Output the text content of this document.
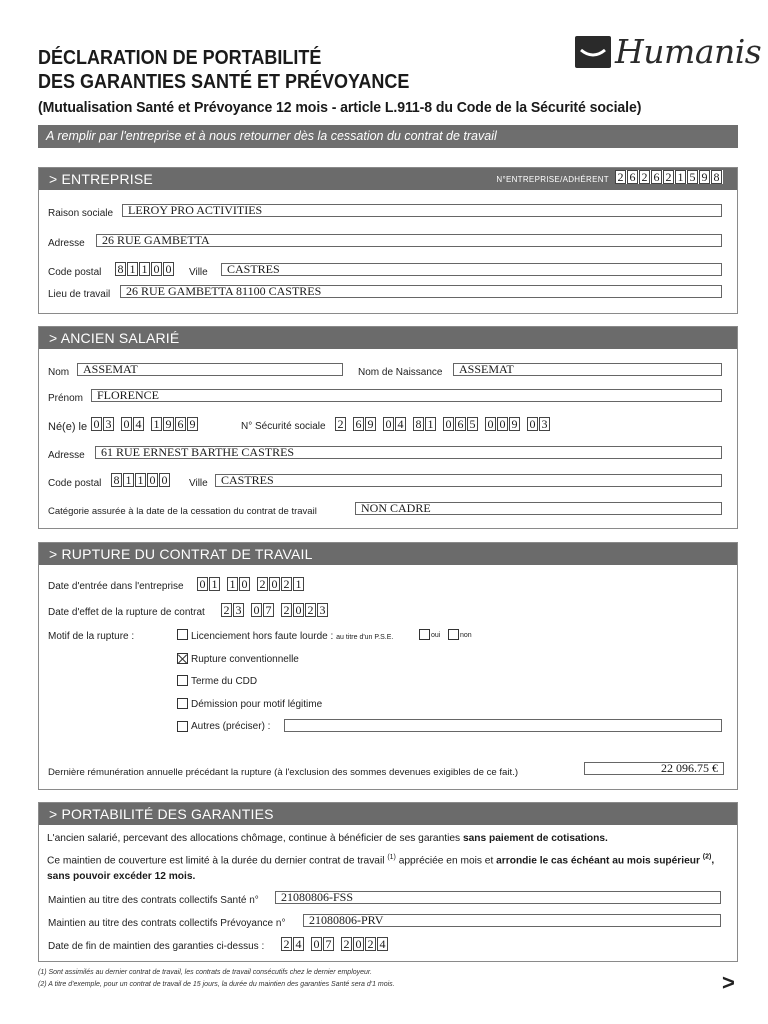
DÉCLARATION DE PORTABILITÉ
DES GARANTIES SANTÉ ET PRÉVOYANCE
(Mutualisation Santé et Prévoyance 12 mois - article L.911-8 du Code de la Sécurité sociale)
Humanis
A remplir par l'entreprise et à nous retourner dès la cessation du contrat de travail
> ENTREPRISE	N°ENTREPRISE/ADHÉRENT 2 6 2 6 2 1 5 9 8
Raison sociale	LEROY PRO ACTIVITIES
Adresse	26 RUE GAMBETTA
Code postal 8 1 1 0 0 Ville	CASTRES
Lieu de travail	26 RUE GAMBETTA 81100 CASTRES
> ANCIEN SALARIÉ
Nom	ASSEMAT	Nom de Naissance	ASSEMAT
Prénom	FLORENCE
Né(e) le 0 3 0 4 1 9 6 9	N° Sécurité sociale 2 6 9 0 4 8 1 0 6 5 0 0 9 0 3
Adresse	61 RUE ERNEST BARTHE CASTRES
Code postal 8 1 1 0 0 Ville	CASTRES
Catégorie assurée à la date de la cessation du contrat de travail	NON CADRE
> RUPTURE DU CONTRAT DE TRAVAIL
Date d'entrée dans l'entreprise 0 1 1 0 2 0 2 1
Date d'effet de la rupture de contrat 2 3 0 7 2 0 2 3
Motif de la rupture :	Licenciement hors faute lourde : au titre d'un P.S.E.	oui	non
Rupture conventionnelle
Terme du CDD
Démission pour motif légitime
Autres (préciser) :
Dernière rémunération annuelle précédant la rupture (à l'exclusion des sommes devenues exigibles de ce fait.)	22 096.75 €
> PORTABILITÉ DES GARANTIES
L'ancien salarié, percevant des allocations chômage, continue à bénéficier de ses garanties sans paiement de cotisations.
Ce maintien de couverture est limité à la durée du dernier contrat de travail $^{(1)}$ appréciée en mois et arrondie le cas échéant au mois supérieur $^{(2)}$, sans pouvoir excéder 12 mois.
Maintien au titre des contrats collectifs Santé n°	21080806-FSS
Maintien au titre des contrats collectifs Prévoyance n°	21080806-PRV
Date de fin de maintien des garanties ci-dessus : 2 4 0 7 2 0 2 4
(1) Sont assimilés au dernier contrat de travail, les contrats de travail consécutifs chez le dernier employeur.
(2) A titre d'exemple, pour un contrat de travail de 15 jours, la durée du maintien des garanties Santé sera d'1 mois.	>
